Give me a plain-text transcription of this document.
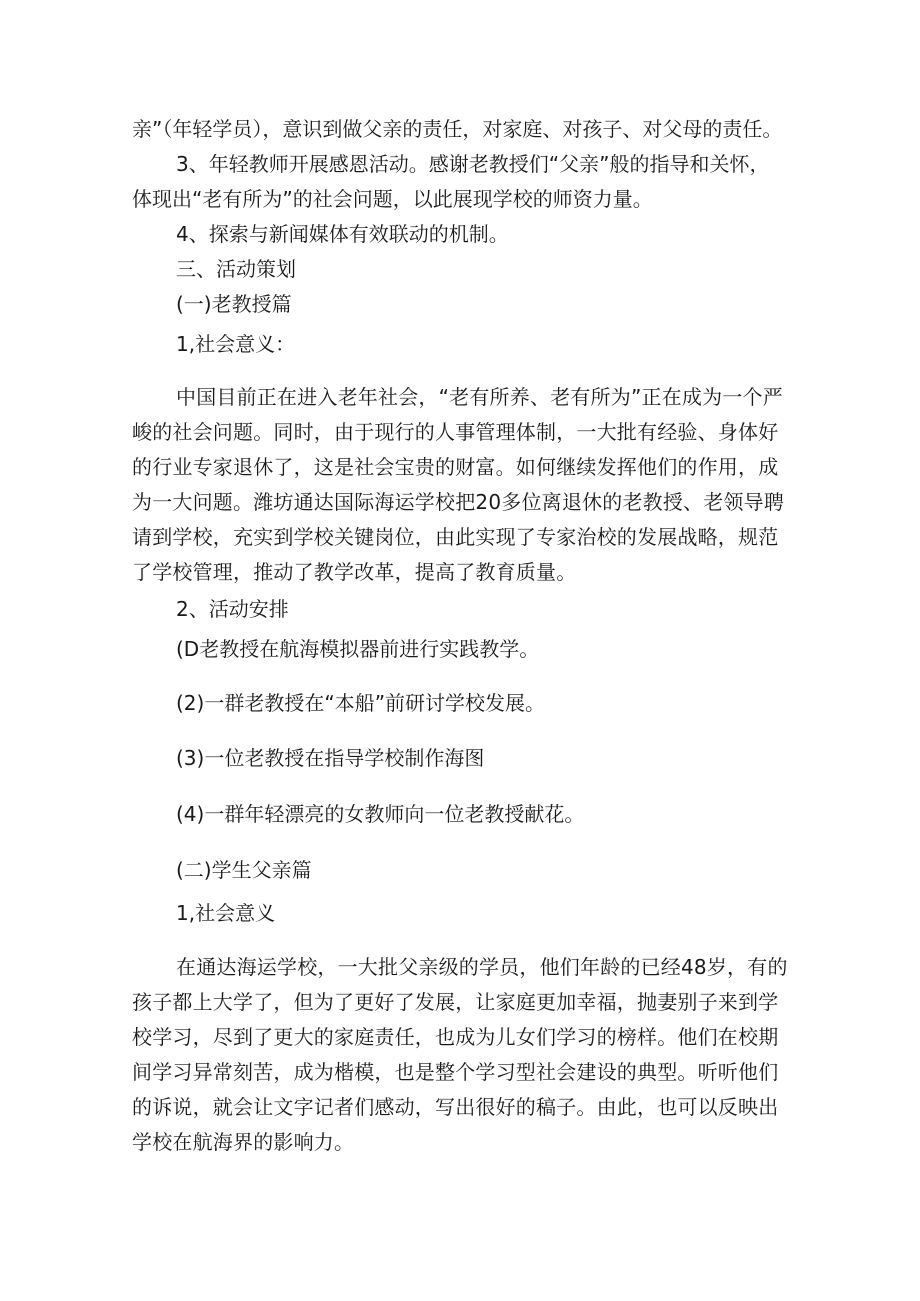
亲”（年轻学员），意识到做父亲的责任，对家庭、对孩子、对父母的责任。

3、年轻教师开展感恩活动。感谢老教授们“父亲”般的指导和关怀，

体现出“老有所为”的社会问题，以此展现学校的师资力量。

4、探索与新闻媒体有效联动的机制。

三、活动策划

(一)老教授篇

1,社会意义：

中国目前正在进入老年社会，“老有所养、老有所为”正在成为一个严峻的社会问题。同时，由于现行的人事管理体制，一大批有经验、身体好的行业专家退休了，这是社会宝贵的财富。如何继续发挥他们的作用，成为一大问题。潍坊通达国际海运学校把20多位离退休的老教授、老领导聘请到学校，充实到学校关键岗位，由此实现了专家治校的发展战略，规范了学校管理，推动了教学改革，提高了教育质量。

2、活动安排

(D老教授在航海模拟器前进行实践教学。

(2)一群老教授在“本船”前研讨学校发展。

(3)一位老教授在指导学校制作海图

(4)一群年轻漂亮的女教师向一位老教授献花。

(二)学生父亲篇

1,社会意义

在通达海运学校，一大批父亲级的学员，他们年龄的已经48岁，有的孩子都上大学了，但为了更好了发展，让家庭更加幸福，抛妻别子来到学校学习，尽到了更大的家庭责任，也成为儿女们学习的榜样。他们在校期间学习异常刻苦，成为楷模，也是整个学习型社会建设的典型。听听他们的诉说，就会让文字记者们感动，写出很好的稿子。由此，也可以反映出学校在航海界的影响力。
